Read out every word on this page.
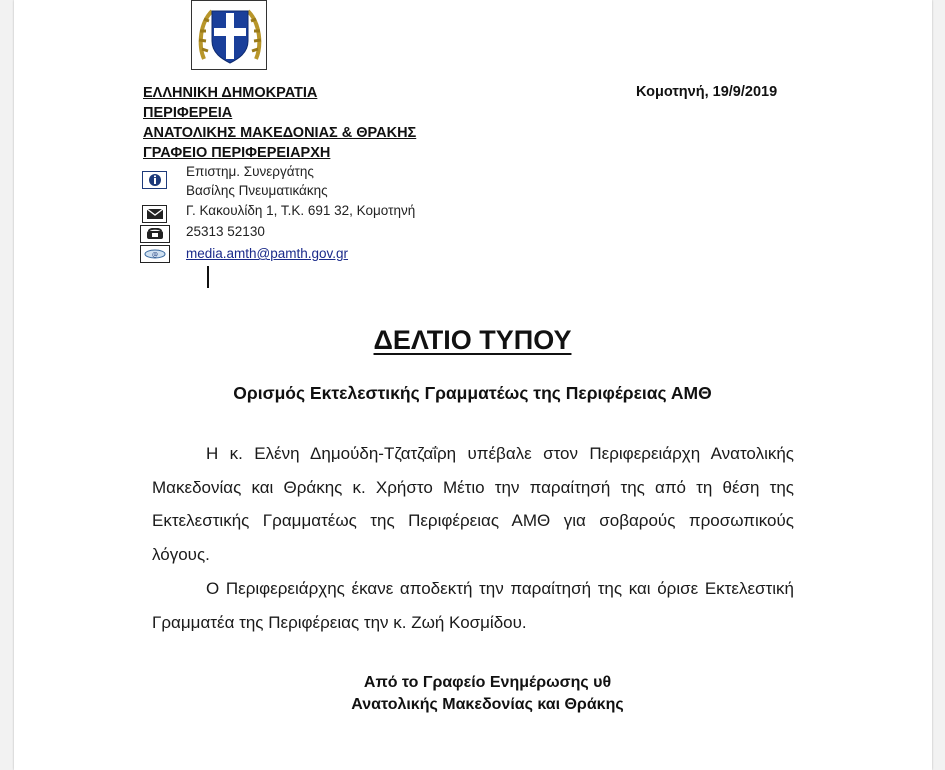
ΕΛΛΗΝΙΚΗ ΔΗΜΟΚΡΑΤΙΑ
ΠΕΡΙΦΕΡΕΙΑ
ΑΝΑΤΟΛΙΚΗΣ ΜΑΚΕΔΟΝΙΑΣ & ΘΡΑΚΗΣ
ΓΡΑΦΕΙΟ ΠΕΡΙΦΕΡΕΙΑΡΧΗ
Κομοτηνή, 19/9/2019
Επιστημ. Συνεργάτης
Βασίλης Πνευματικάκης
Γ. Κακουλίδη 1, Τ.Κ. 691 32, Κομοτηνή
25313 52130
@ media.amth@pamth.gov.gr
ΔΕΛΤΙΟ ΤΥΠΟΥ
Ορισμός Εκτελεστικής Γραμματέως της Περιφέρειας ΑΜΘ
Η κ. Ελένη Δημούδη-Τζατζαΐρη υπέβαλε στον Περιφερειάρχη Ανατολικής Μακεδονίας και Θράκης κ. Χρήστο Μέτιο την παραίτησή της από τη θέση της Εκτελεστικής Γραμματέως της Περιφέρειας ΑΜΘ για σοβαρούς προσωπικούς λόγους.
Ο Περιφερειάρχης έκανε αποδεκτή την παραίτησή της και όρισε Εκτελεστική Γραμματέα της Περιφέρειας την κ. Ζωή Κοσμίδου.
Από το Γραφείο Ενημέρωσης υθ
Ανατολικής Μακεδονίας και Θράκης
